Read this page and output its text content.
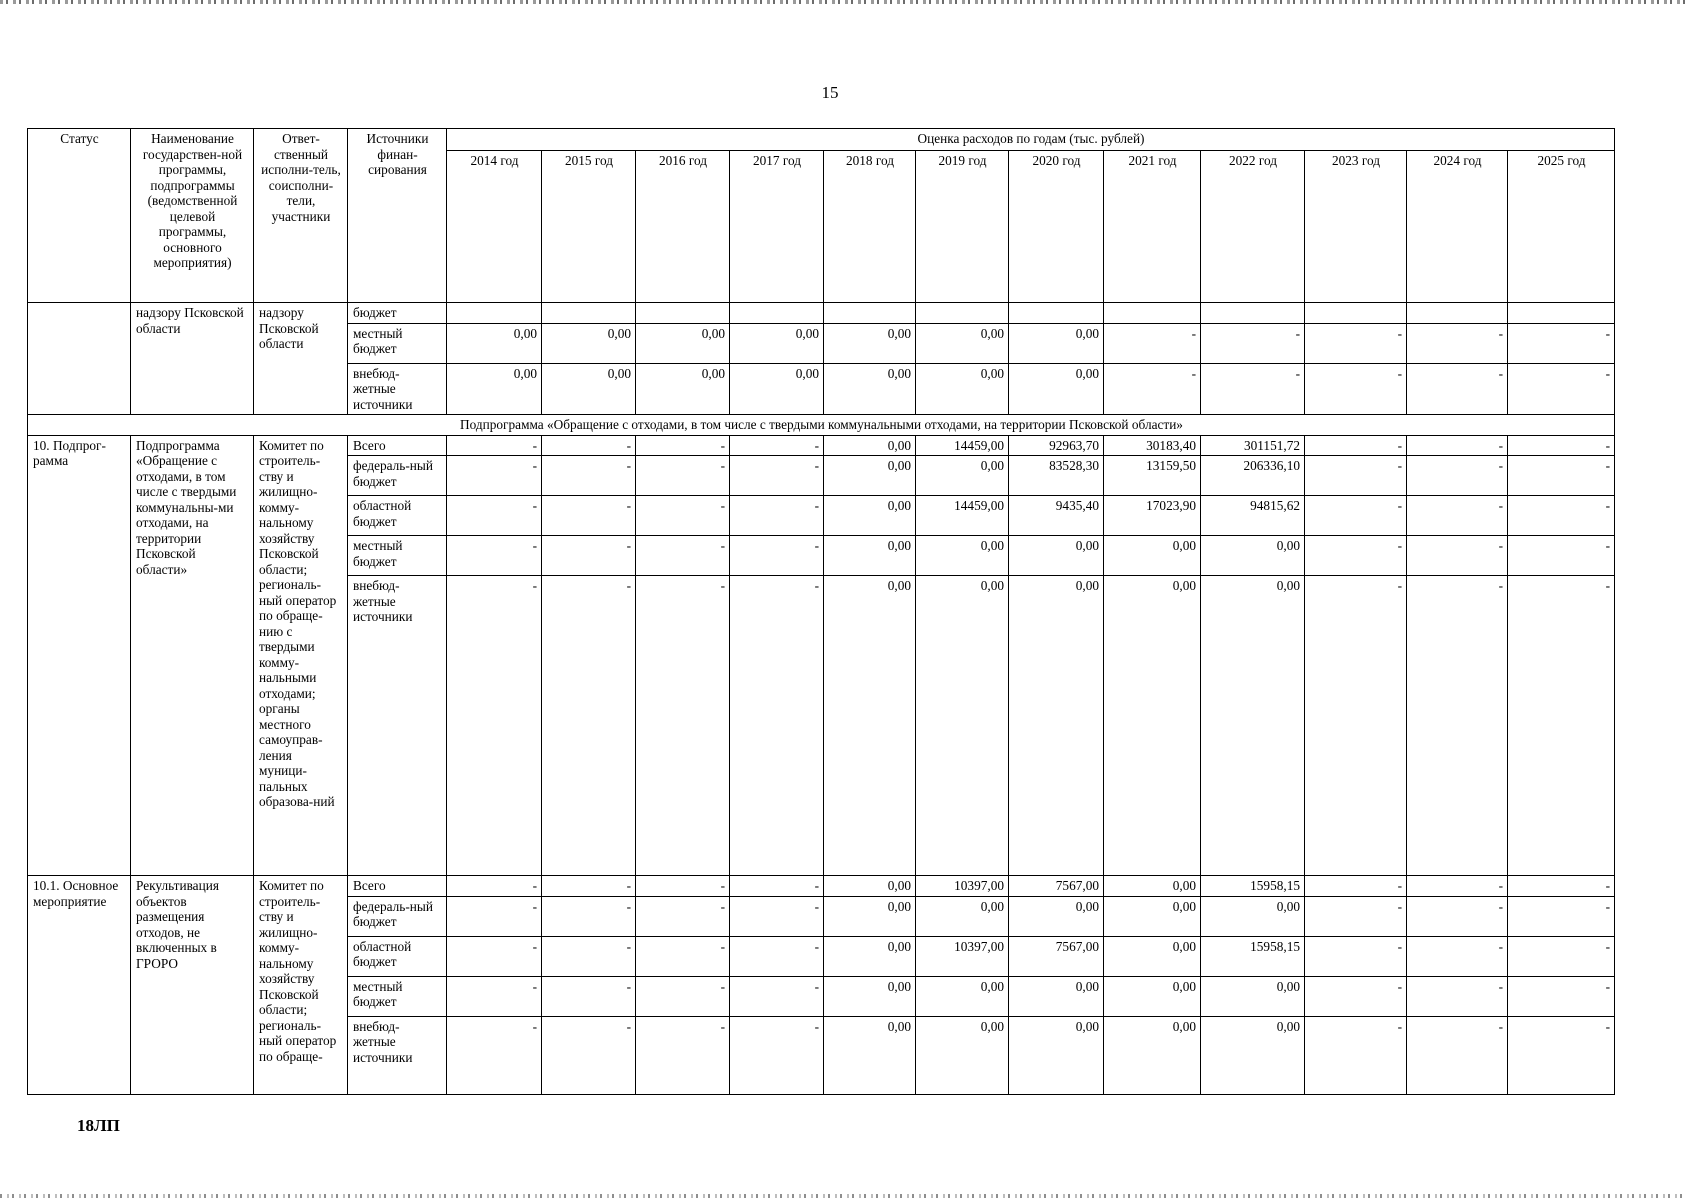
15
Статус	Наименование государствен-ной программы, подпрограммы (ведомственной целевой программы, основного мероприятия)	Ответ-ственный исполни-тель, соисполни-тели, участники	Источники финан-сирования	Оценка расходов по годам (тыс. рублей)											
				2014 год	2015 год	2016 год	2017 год	2018 год	2019 год	2020 год	2021 год	2022 год	2023 год	2024 год	2025 год
	надзору Псковской области	надзору Псковской области	бюджет												
			местный бюджет	0,00	0,00	0,00	0,00	0,00	0,00	0,00	-	-	-	-	-
			внебюд-жетные источники	0,00	0,00	0,00	0,00	0,00	0,00	0,00	-	-	-	-	-
Подпрограмма «Обращение с отходами, в том числе с твердыми коммунальными отходами, на территории Псковской области»															
10. Подпрог-рамма	Подпрограмма «Обращение с отходами, в том числе с твердыми коммунальны-ми отходами, на территории Псковской области»	Комитет по строитель-ству и жилищно-комму-нальному хозяйству Псковской области; региональ-ный оператор по обраще-нию с твердыми комму-нальными отходами; органы местного самоуправ-ления муници-пальных образова-ний	Всего	-	-	-	-	0,00	14459,00	92963,70	30183,40	301151,72	-	-	-
			федераль-ный бюджет	-	-	-	-	0,00	0,00	83528,30	13159,50	206336,10	-	-	-
			областной бюджет	-	-	-	-	0,00	14459,00	9435,40	17023,90	94815,62	-	-	-
			местный бюджет	-	-	-	-	0,00	0,00	0,00	0,00	0,00	-	-	-
			внебюд-жетные источники	-	-	-	-	0,00	0,00	0,00	0,00	0,00	-	-	-
10.1. Основное мероприятие	Рекультивация объектов размещения отходов, не включенных в ГРОРО	Комитет по строитель-ству и жилищно-комму-нальному хозяйству Псковской области; региональ-ный оператор по обраще-	Всего	-	-	-	-	0,00	10397,00	7567,00	0,00	15958,15	-	-	-
			федераль-ный бюджет	-	-	-	-	0,00	0,00	0,00	0,00	0,00	-	-	-
			областной бюджет	-	-	-	-	0,00	10397,00	7567,00	0,00	15958,15	-	-	-
			местный бюджет	-	-	-	-	0,00	0,00	0,00	0,00	0,00	-	-	-
			внебюд-жетные источники	-	-	-	-	0,00	0,00	0,00	0,00	0,00	-	-	-
18ЛП
